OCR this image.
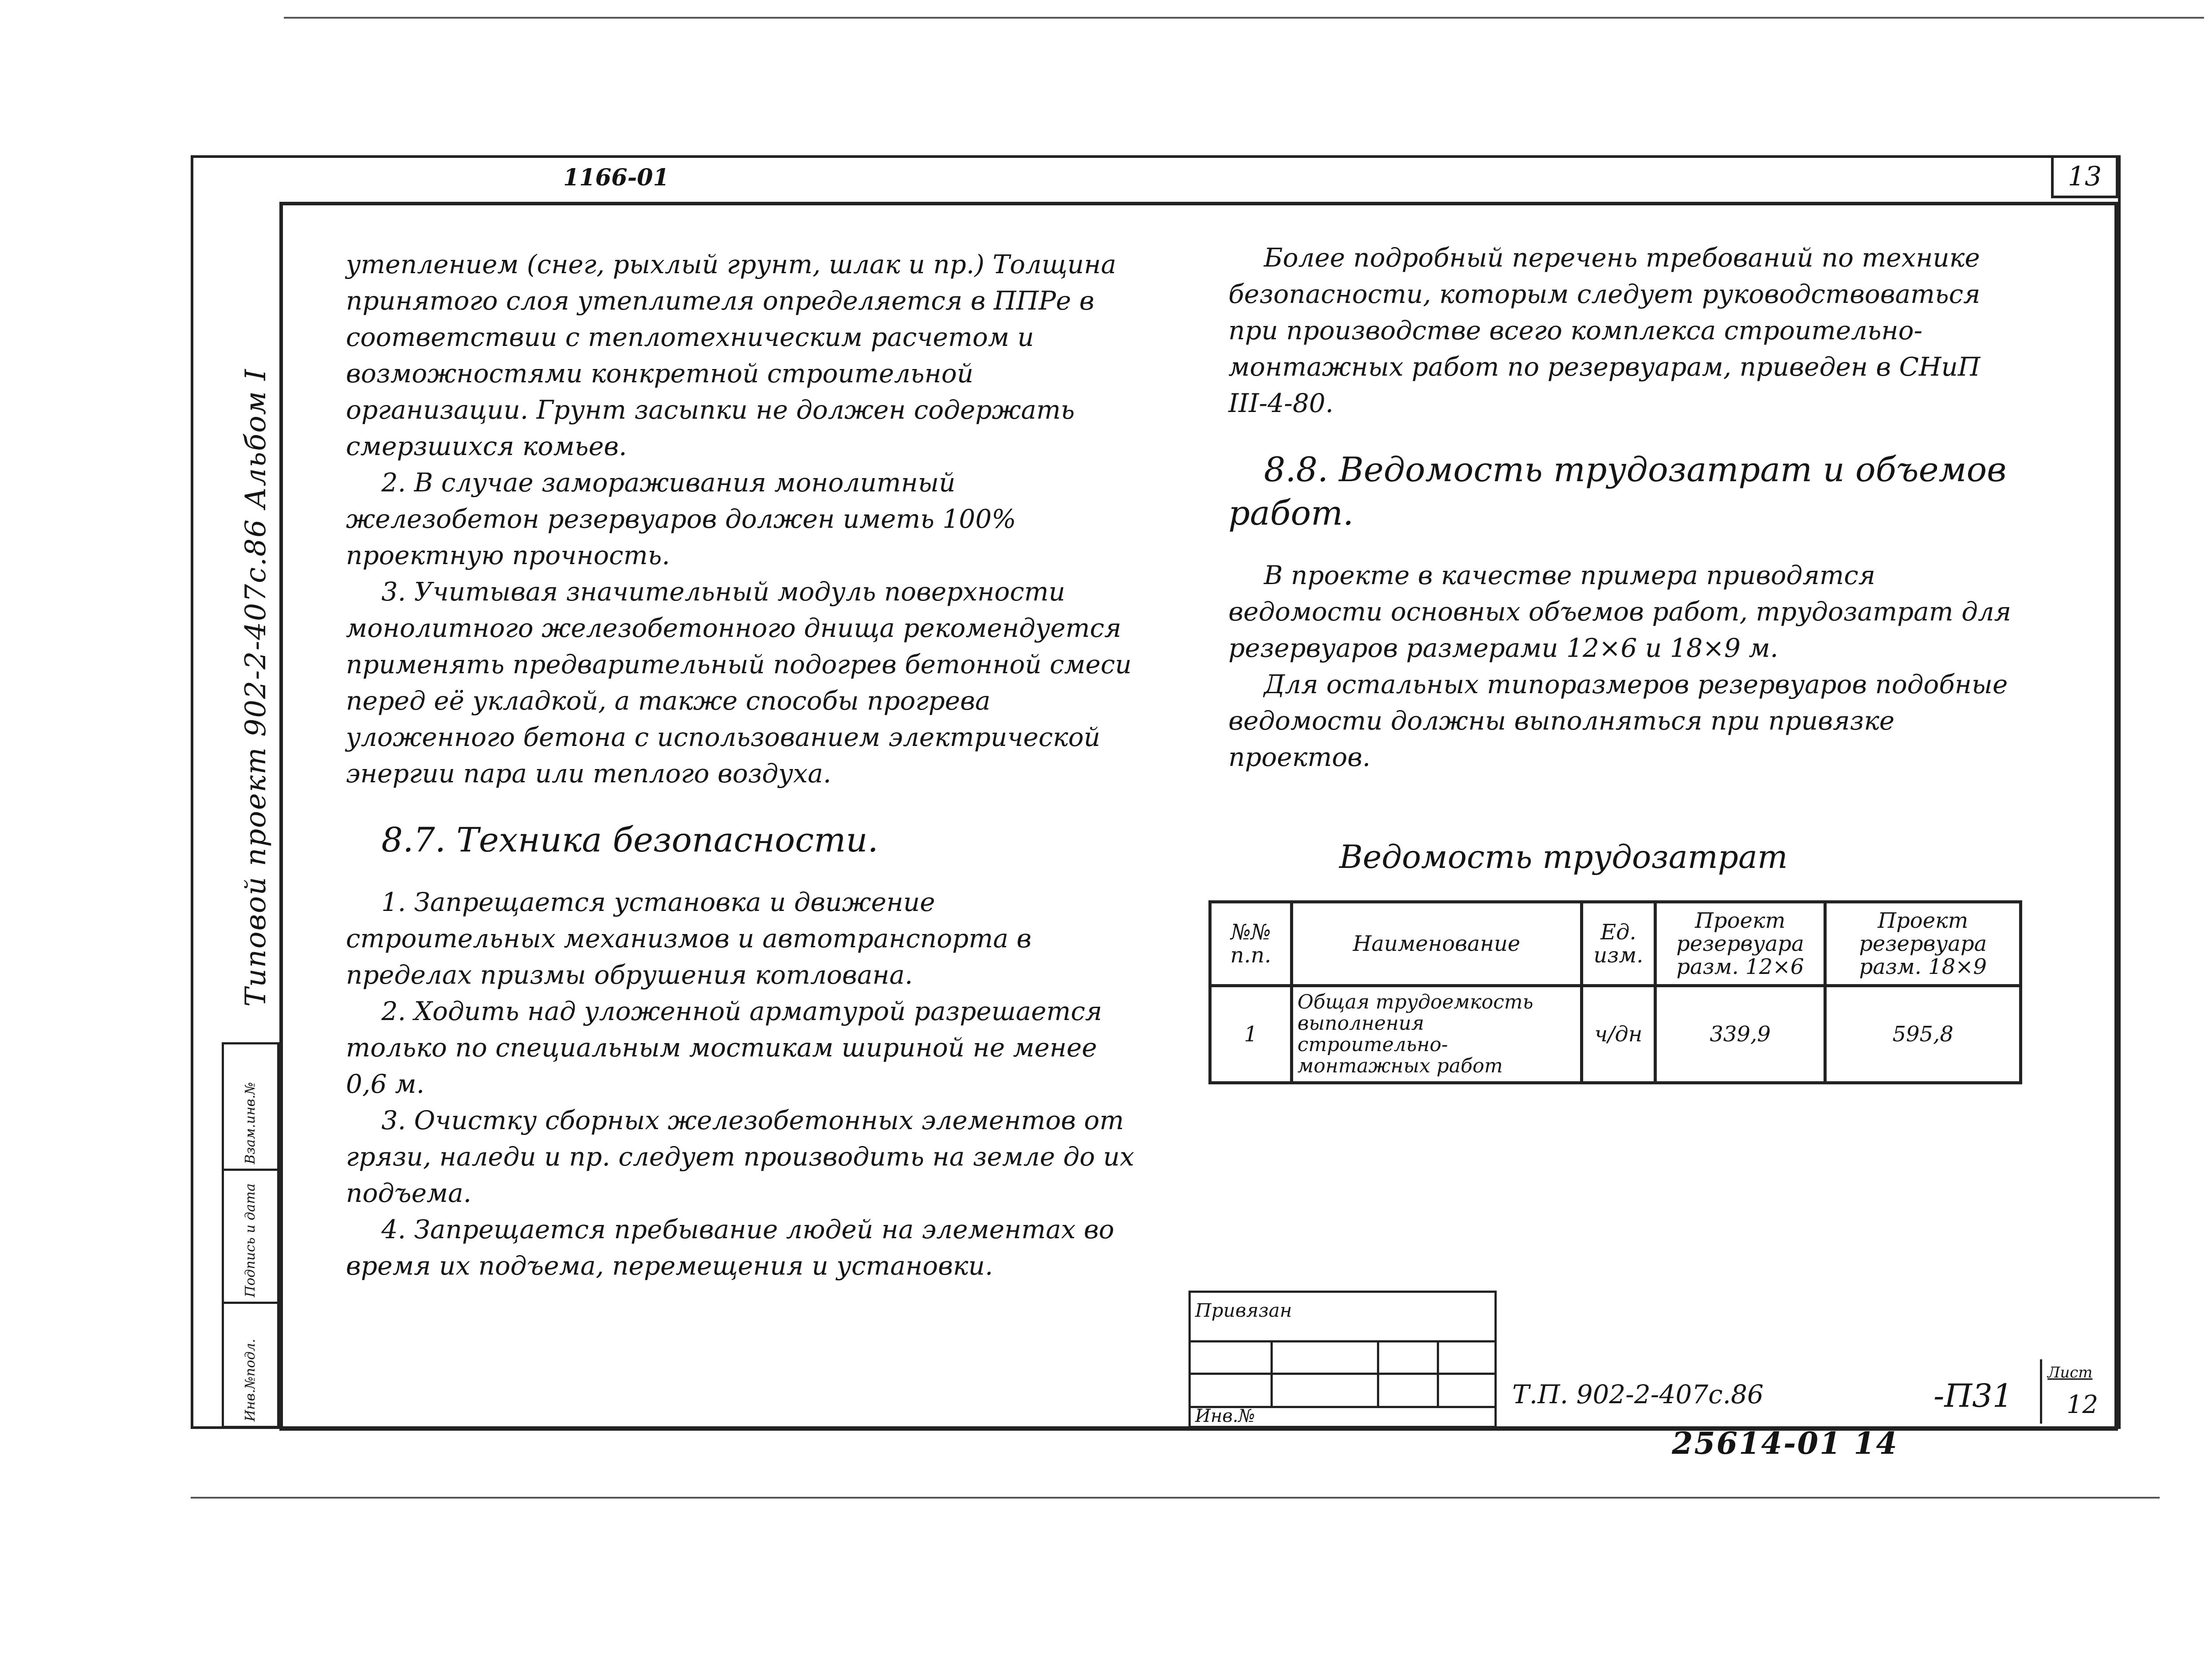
1166-01	13
Типовой проект 902-2-407с.86 Альбом I
Взам.инв.№
Подпись и дата
Инв.№подл.

утеплением (снег, рыхлый грунт, шлак и пр.) Толщина принятого слоя утеплителя определяется в ППРе в соответствии с теплотехническим расчетом и возможностями конкретной строительной организации. Грунт засыпки не должен содержать смерзшихся комьев.

2. В случае замораживания монолитный железобетон резервуаров должен иметь 100% проектную прочность.

3. Учитывая значительный модуль поверхности монолитного железобетонного днища рекомендуется применять предварительный подогрев бетонной смеси перед её укладкой, а также способы прогрева уложенного бетона с использованием электрической энергии пара или теплого воздуха.

8.7. Техника безопасности.

1. Запрещается установка и движение строительных механизмов и автотранспорта в пределах призмы обрушения котлована.

2. Ходить над уложенной арматурой разрешается только по специальным мостикам шириной не менее 0,6 м.

3. Очистку сборных железобетонных элементов от грязи, наледи и пр. следует производить на земле до их подъема.

4. Запрещается пребывание людей на элементах во время их подъема, перемещения и установки.

Более подробный перечень требований по технике безопасности, которым следует руководствоваться при производстве всего комплекса строительно-монтажных работ по резервуарам, приведен в СНиП III-4-80.

8.8. Ведомость трудозатрат и объемов работ.

В проекте в качестве примера приводятся ведомости основных объемов работ, трудозатрат для резервуаров размерами 12×6 и 18×9 м.

Для остальных типоразмеров резервуаров подобные ведомости должны выполняться при привязке проектов.

Ведомость трудозатрат
№№ п.п.	Наименование	Ед. изм.	Проект резервуара разм. 12×6	Проект резервуара разм. 18×9
1	Общая трудоемкость выполнения строительно-монтажных работ	ч/дн	339,9	595,8
Привязан
Инв.№
Т.П. 902-2-407с.86	-П31
Лист
12
25614-01 14
